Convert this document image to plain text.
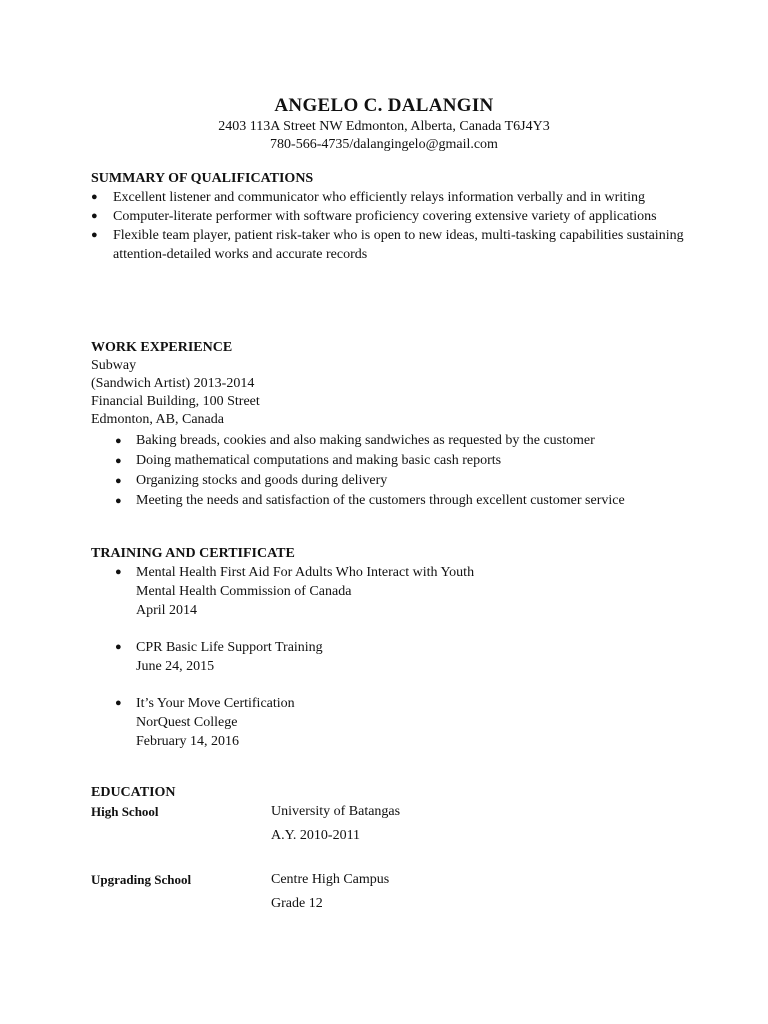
ANGELO C. DALANGIN
2403 113A Street NW Edmonton, Alberta, Canada T6J4Y3
780-566-4735/dalangingelo@gmail.com
SUMMARY OF QUALIFICATIONS
● Excellent listener and communicator who efficiently relays information verbally and in writing
● Computer-literate performer with software proficiency covering extensive variety of applications
● Flexible team player, patient risk-taker who is open to new ideas, multi-tasking capabilities sustaining attention-detailed works and accurate records
WORK EXPERIENCE
Subway
(Sandwich Artist) 2013-2014
Financial Building, 100 Street
Edmonton, AB, Canada
● Baking breads, cookies and also making sandwiches as requested by the customer
● Doing mathematical computations and making basic cash reports
● Organizing stocks and goods during delivery
● Meeting the needs and satisfaction of the customers through excellent customer service
TRAINING AND CERTIFICATE
● Mental Health First Aid For Adults Who Interact with Youth
Mental Health Commission of Canada
April 2014
● CPR Basic Life Support Training
June 24, 2015
● It’s Your Move Certification
NorQuest College
February 14, 2016
EDUCATION
High School	University of Batangas
A.Y. 2010-2011
Upgrading School	Centre High Campus
Grade 12
